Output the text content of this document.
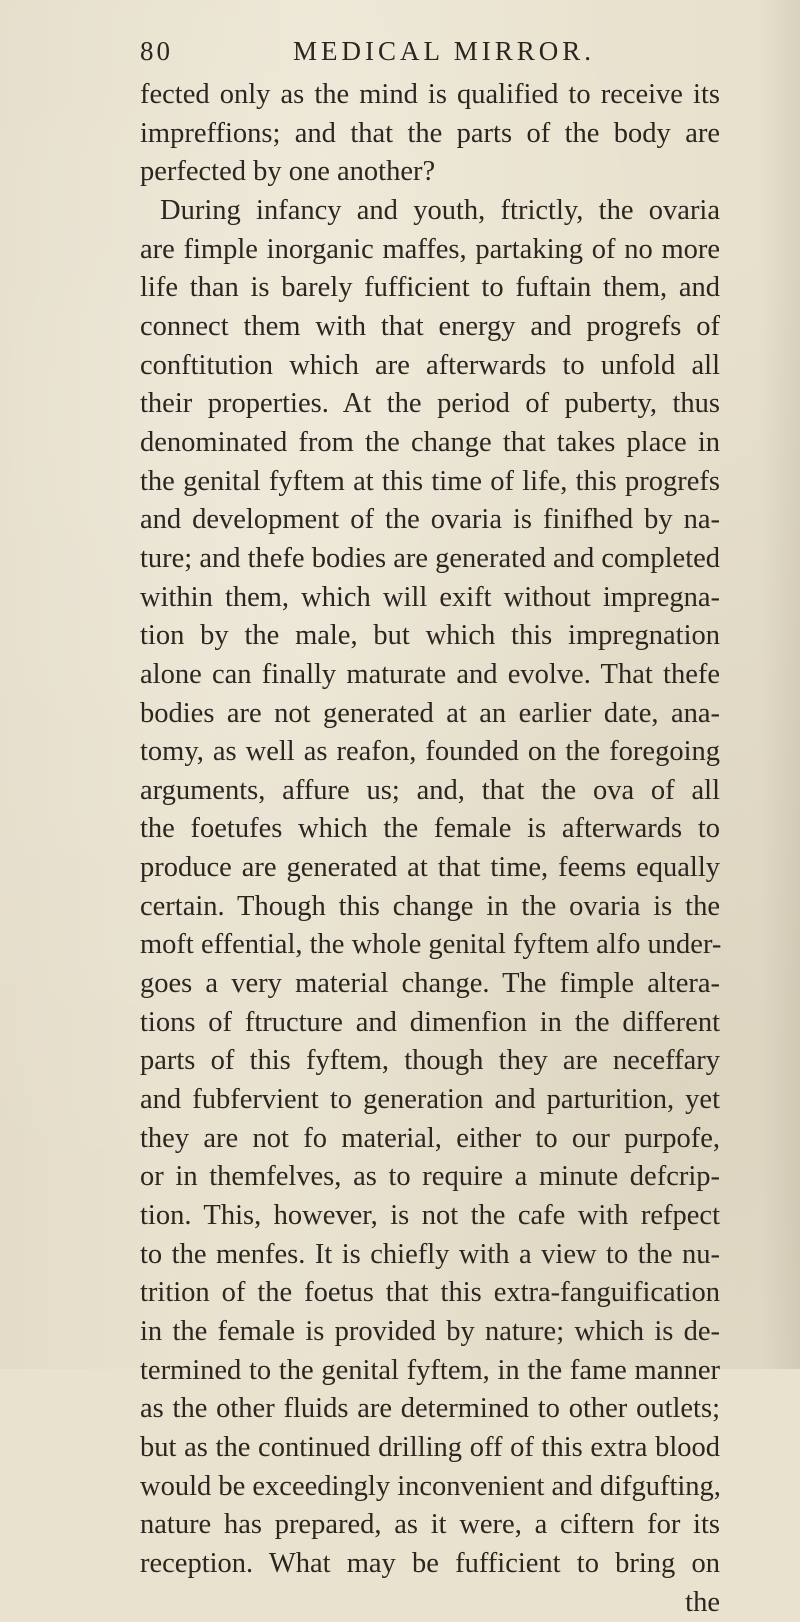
80	MEDICAL MIRROR.
fected only as the mind is qualified to receive its
impreffions; and that the parts of the body are
perfected by one another?
During infancy and youth, ftrictly, the ovaria
are fimple inorganic maffes, partaking of no more
life than is barely fufficient to fuftain them, and
connect them with that energy and progrefs of
conftitution which are afterwards to unfold all
their properties. At the period of puberty, thus
denominated from the change that takes place in
the genital fyftem at this time of life, this progrefs
and development of the ovaria is finifhed by na-
ture; and thefe bodies are generated and completed
within them, which will exift without impregna-
tion by the male, but which this impregnation
alone can finally maturate and evolve. That thefe
bodies are not generated at an earlier date, ana-
tomy, as well as reafon, founded on the foregoing
arguments, affure us; and, that the ova of all
the foetufes which the female is afterwards to
produce are generated at that time, feems equally
certain. Though this change in the ovaria is the
moft effential, the whole genital fyftem alfo under-
goes a very material change. The fimple altera-
tions of ftructure and dimenfion in the different
parts of this fyftem, though they are neceffary
and fubfervient to generation and parturition, yet
they are not fo material, either to our purpofe,
or in themfelves, as to require a minute defcrip-
tion. This, however, is not the cafe with refpect
to the menfes. It is chiefly with a view to the nu-
trition of the foetus that this extra-fanguification
in the female is provided by nature; which is de-
termined to the genital fyftem, in the fame manner
as the other fluids are determined to other outlets;
but as the continued drilling off of this extra blood
would be exceedingly inconvenient and difgufting,
nature has prepared, as it were, a ciftern for its
reception. What may be fufficient to bring on
the
